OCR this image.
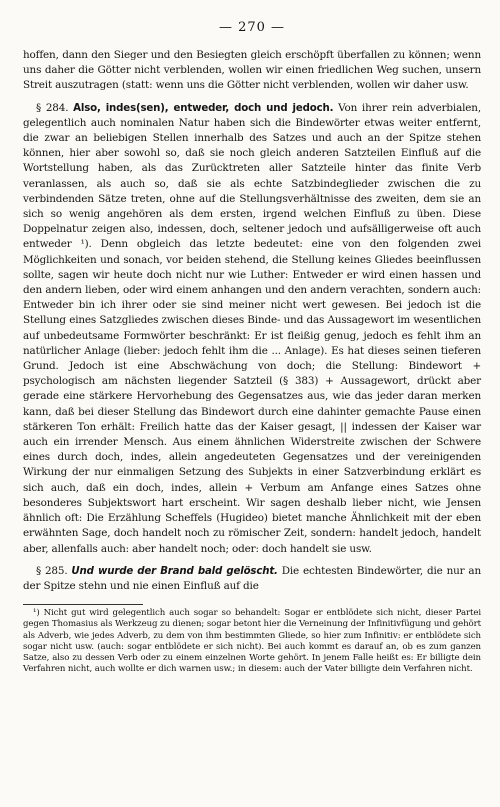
— 270 —

hoffen, dann den Sieger und den Besiegten gleich erschöpft überfallen zu können; wenn uns daher die Götter nicht verblenden, wollen wir einen friedlichen Weg suchen, unsern Streit auszutragen (statt: wenn uns die Götter nicht verblenden, wollen wir daher usw.

§ 284. Also, indes(sen), entweder, doch und jedoch. Von ihrer rein adverbialen, gelegentlich auch nominalen Natur haben sich die Bindewörter etwas weiter entfernt, die zwar an beliebigen Stellen innerhalb des Satzes und auch an der Spitze stehen können, hier aber sowohl so, daß sie noch gleich anderen Satzteilen Einfluß auf die Wortstellung haben, als das Zurücktreten aller Satzteile hinter das finite Verb veranlassen, als auch so, daß sie als echte Satzbindeglieder zwischen die zu verbindenden Sätze treten, ohne auf die Stellungsverhältnisse des zweiten, dem sie an sich so wenig angehören als dem ersten, irgend welchen Einfluß zu üben. Diese Doppelnatur zeigen also, indessen, doch, seltener jedoch und aufsälligerweise oft auch entweder ¹). Denn obgleich das letzte bedeutet: eine von den folgenden zwei Möglichkeiten und sonach, vor beiden stehend, die Stellung keines Gliedes beeinflussen sollte, sagen wir heute doch nicht nur wie Luther: Entweder er wird einen hassen und den andern lieben, oder wird einem anhangen und den andern verachten, sondern auch: Entweder bin ich ihrer oder sie sind meiner nicht wert gewesen. Bei jedoch ist die Stellung eines Satzgliedes zwischen dieses Binde- und das Aussagewort im wesentlichen auf unbedeutsame Formwörter beschränkt: Er ist fleißig genug, jedoch es fehlt ihm an natürlicher Anlage (lieber: jedoch fehlt ihm die ... Anlage). Es hat dieses seinen tieferen Grund. Jedoch ist eine Abschwächung von doch; die Stellung: Bindewort + psychologisch am nächsten liegender Satzteil (§ 383) + Aussagewort, drückt aber gerade eine stärkere Hervorhebung des Gegensatzes aus, wie das jeder daran merken kann, daß bei dieser Stellung das Bindewort durch eine dahinter gemachte Pause einen stärkeren Ton erhält: Freilich hatte das der Kaiser gesagt, || indessen der Kaiser war auch ein irrender Mensch. Aus einem ähnlichen Widerstreite zwischen der Schwere eines durch doch, indes, allein angedeuteten Gegensatzes und der vereinigenden Wirkung der nur einmaligen Setzung des Subjekts in einer Satzverbindung erklärt es sich auch, daß ein doch, indes, allein + Verbum am Anfange eines Satzes ohne besonderes Subjektswort hart erscheint. Wir sagen deshalb lieber nicht, wie Jensen ähnlich oft: Die Erzählung Scheffels (Hugideo) bietet manche Ähnlichkeit mit der eben erwähnten Sage, doch handelt noch zu römischer Zeit, sondern: handelt jedoch, handelt aber, allenfalls auch: aber handelt noch; oder: doch handelt sie usw.

§ 285. Und wurde der Brand bald gelöscht. Die echtesten Bindewörter, die nur an der Spitze stehn und nie einen Einfluß auf die

¹) Nicht gut wird gelegentlich auch sogar so behandelt: Sogar er entblödete sich nicht, dieser Partei gegen Thomasius als Werkzeug zu dienen; sogar betont hier die Verneinung der Infinitivfügung und gehört als Adverb, wie jedes Adverb, zu dem von ihm bestimmten Gliede, so hier zum Infinitiv: er entblödete sich sogar nicht usw. (auch: sogar entblödete er sich nicht). Bei auch kommt es darauf an, ob es zum ganzen Satze, also zu dessen Verb oder zu einem einzelnen Worte gehört. In jenem Falle heißt es: Er billigte dein Verfahren nicht, auch wollte er dich warnen usw.; in diesem: auch der Vater billigte dein Verfahren nicht.
